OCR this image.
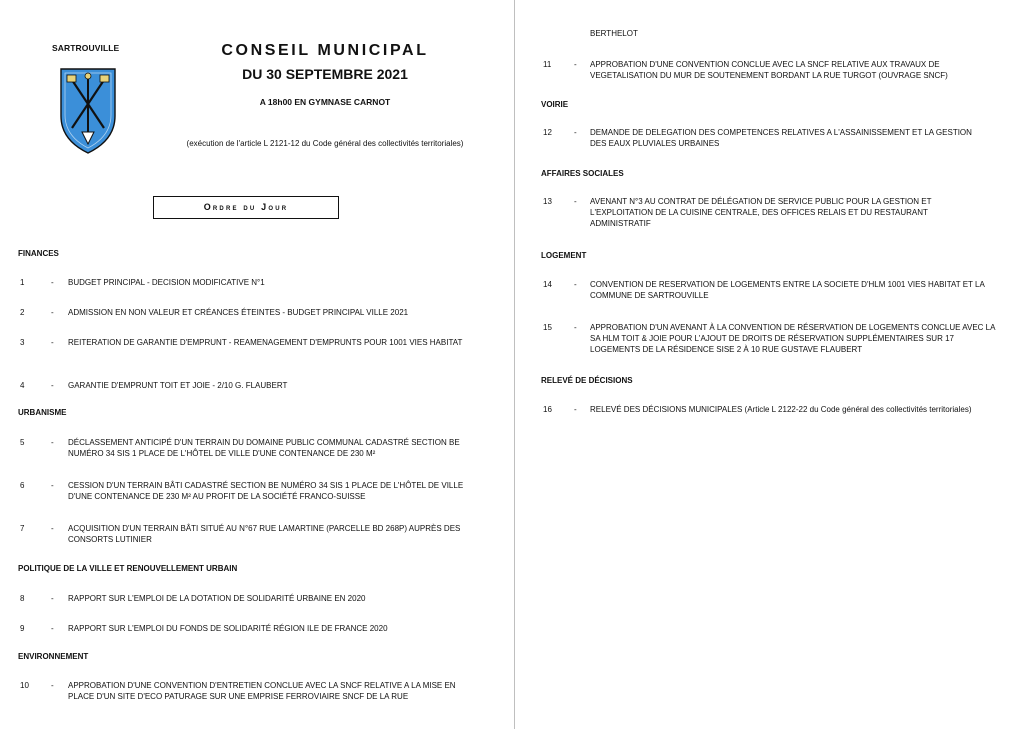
SARTROUVILLE	CONSEIL MUNICIPAL
DU 30 SEPTEMBRE 2021
A 18h00 EN GYMNASE CARNOT
(exécution de l'article L 2121-12 du Code général des collectivités territoriales)
Ordre du Jour
FINANCES
1	- BUDGET PRINCIPAL - DECISION MODIFICATIVE N°1
2	- ADMISSION EN NON VALEUR ET CRÉANCES ÉTEINTES - BUDGET PRINCIPAL VILLE 2021
3	- REITERATION DE GARANTIE D'EMPRUNT - REAMENAGEMENT D'EMPRUNTS POUR 1001 VIES HABITAT
4	- GARANTIE D'EMPRUNT TOIT ET JOIE - 2/10 G. FLAUBERT
URBANISME
5	- DÉCLASSEMENT ANTICIPÉ D'UN TERRAIN DU DOMAINE PUBLIC COMMUNAL CADASTRÉ SECTION BE NUMÉRO 34 SIS 1 PLACE DE L'HÔTEL DE VILLE D'UNE CONTENANCE DE 230 M²
6	- CESSION D'UN TERRAIN BÂTI CADASTRÉ SECTION BE NUMÉRO 34 SIS 1 PLACE DE L'HÔTEL DE VILLE D'UNE CONTENANCE DE 230 M² AU PROFIT DE LA SOCIÉTÉ FRANCO-SUISSE
7	- ACQUISITION D'UN TERRAIN BÂTI SITUÉ AU N°67 RUE LAMARTINE (PARCELLE BD 268P) AUPRÈS DES CONSORTS LUTINIER
POLITIQUE DE LA VILLE ET RENOUVELLEMENT URBAIN
8	- RAPPORT SUR L'EMPLOI DE LA DOTATION DE SOLIDARITÉ URBAINE EN 2020
9	- RAPPORT SUR L'EMPLOI DU FONDS DE SOLIDARITÉ RÉGION ILE DE FRANCE 2020
ENVIRONNEMENT
10	- APPROBATION D'UNE CONVENTION D'ENTRETIEN CONCLUE AVEC LA SNCF RELATIVE A LA MISE EN PLACE D'UN SITE D'ECO PATURAGE SUR UNE EMPRISE FERROVIAIRE SNCF DE LA RUE
BERTHELOT
11	- APPROBATION D'UNE CONVENTION CONCLUE AVEC LA SNCF RELATIVE AUX TRAVAUX DE VEGETALISATION DU MUR DE SOUTENEMENT BORDANT LA RUE TURGOT (OUVRAGE SNCF)
VOIRIE
12	- DEMANDE DE DELEGATION DES COMPETENCES RELATIVES A L'ASSAINISSEMENT ET LA GESTION DES EAUX PLUVIALES URBAINES
AFFAIRES SOCIALES
13	- AVENANT N°3 AU CONTRAT DE DÉLÉGATION DE SERVICE PUBLIC POUR LA GESTION ET L'EXPLOITATION DE LA CUISINE CENTRALE, DES OFFICES RELAIS ET DU RESTAURANT ADMINISTRATIF
LOGEMENT
14	- CONVENTION DE RESERVATION DE LOGEMENTS ENTRE LA SOCIETE D'HLM 1001 VIES HABITAT ET LA COMMUNE DE SARTROUVILLE
15	- APPROBATION D'UN AVENANT À LA CONVENTION DE RÉSERVATION DE LOGEMENTS CONCLUE AVEC LA SA HLM TOIT & JOIE POUR L'AJOUT DE DROITS DE RÉSERVATION SUPPLÉMENTAIRES SUR 17 LOGEMENTS DE LA RÉSIDENCE SISE 2 À 10 RUE GUSTAVE FLAUBERT
RELEVÉ DE DÉCISIONS
16	- RELEVÉ DES DÉCISIONS MUNICIPALES (Article L 2122-22 du Code général des collectivités territoriales)
